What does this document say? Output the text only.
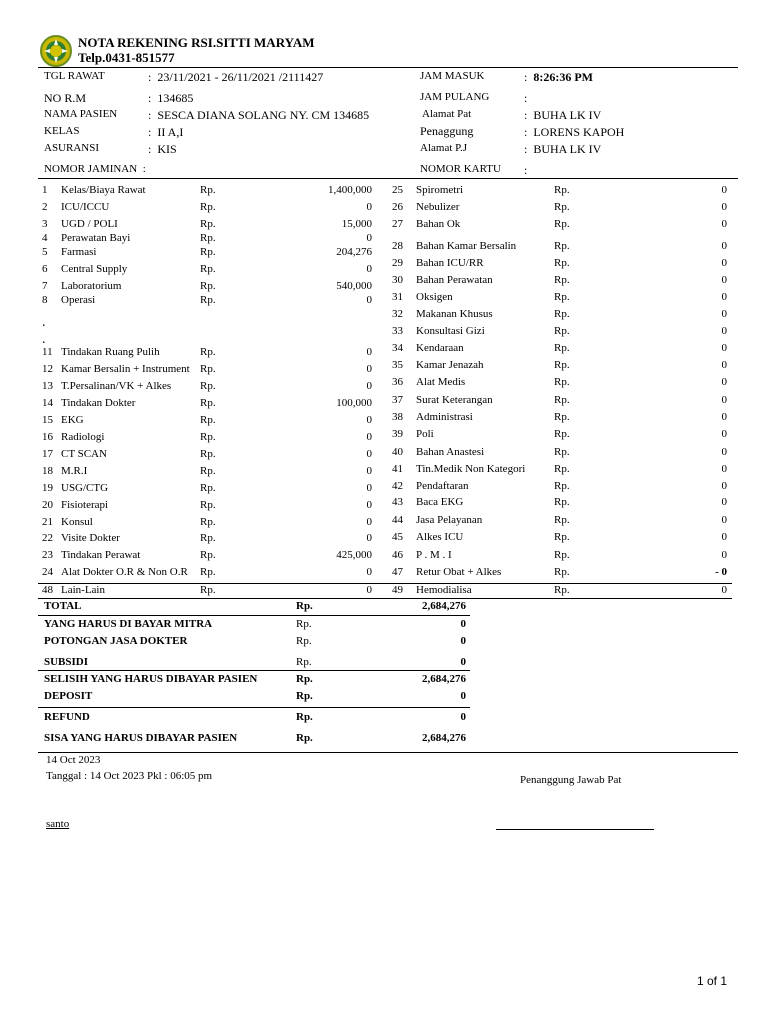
NOTA REKENING RSI.SITTI MARYAM
Telp.0431-851577
TGL RAWAT	:  23/11/2021 - 26/11/2021 /2111427
NO R.M	:  134685
NAMA PASIEN	:  SESCA DIANA SOLANG NY. CM 134685
KELAS	:  II A,I
ASURANSI	:  KIS
NOMOR JAMINAN  :
JAM MASUK	:  8:26:36 PM
JAM PULANG	:
Alamat Pat	:  BUHA LK IV
Penaggung	:  LORENS KAPOH
Alamat P.J	:  BUHA LK IV
NOMOR KARTU :
1 Kelas/Biaya Rawat	Rp.	1,400,000
2 ICU/ICCU	Rp.	0
3 UGD / POLI	Rp.	15,000
4 Perawatan Bayi	Rp.	0
5 Farmasi	Rp.	204,276
6 Central Supply	Rp.	0
7 Laboratorium	Rp.	540,000
8 Operasi	Rp.	0
11 Tindakan Ruang Pulih	Rp.	0
12 Kamar Bersalin + Instrument Rp.	0
13 T.Persalinan/VK + Alkes	Rp.	0
14 Tindakan Dokter	Rp.	100,000
15 EKG	Rp.	0
16 Radiologi	Rp.	0
17 CT SCAN	Rp.	0
18 M.R.I	Rp.	0
19 USG/CTG	Rp.	0
20 Fisioterapi	Rp.	0
21 Konsul	Rp.	0
22 Visite Dokter	Rp.	0
23 Tindakan Perawat	Rp.	425,000
24 Alat Dokter O.R & Non O.R Rp.	0
48 Lain-Lain	Rp.	0
25 Spirometri	Rp.	0
26 Nebulizer	Rp.	0
27 Bahan Ok	Rp.	0
28 Bahan Kamar Bersalin	Rp.	0
29 Bahan ICU/RR	Rp.	0
30 Bahan Perawatan	Rp.	0
31 Oksigen	Rp.	0
32 Makanan Khusus	Rp.	0
33 Konsultasi Gizi	Rp.	0
34 Kendaraan	Rp.	0
35 Kamar Jenazah	Rp.	0
36 Alat Medis	Rp.	0
37 Surat Keterangan	Rp.	0
38 Administrasi	Rp.	0
39 Poli	Rp.	0
40 Bahan Anastesi	Rp.	0
41 Tin.Medik Non Kategori	Rp.	0
42 Pendaftaran	Rp.	0
43 Baca EKG	Rp.	0
44 Jasa Pelayanan	Rp.	0
45 Alkes ICU	Rp.	0
46 P . M . I	Rp.	0
47 Retur Obat + Alkes	Rp.	- 0
49 Hemodialisa	Rp.	0
.
.
TOTAL	Rp.	2,684,276
YANG HARUS DI BAYAR MITRA	Rp.	0
POTONGAN JASA DOKTER	Rp.	0
SUBSIDI	Rp.	0
SELISIH YANG HARUS DIBAYAR PASIEN	Rp.	2,684,276
DEPOSIT	Rp.	0
REFUND	Rp.	0
SISA YANG HARUS DIBAYAR PASIEN	Rp.	2,684,276
14 Oct 2023
Tanggal : 14 Oct 2023 Pkl : 06:05 pm	Penanggung Jawab Pat
santo
1 of 1
